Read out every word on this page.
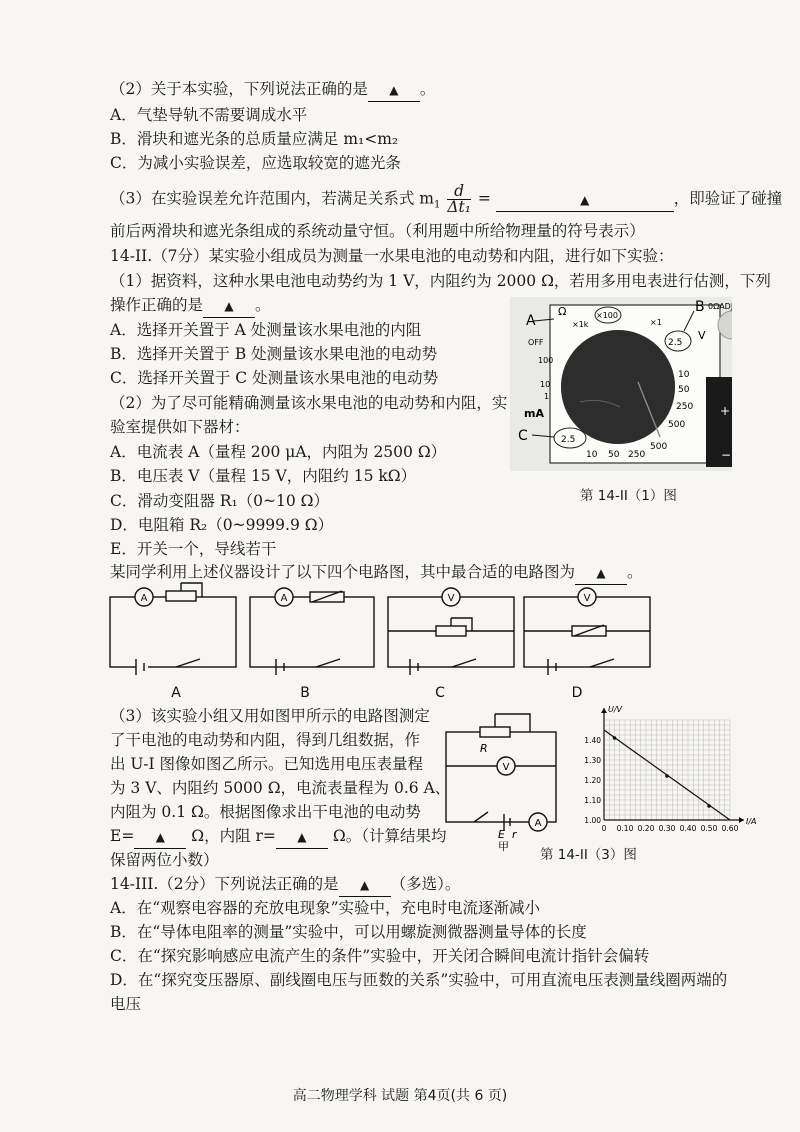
（2）关于本实验，下列说法正确的是 ▲ 。
A．气垫导轨不需要调成水平
B．滑块和遮光条的总质量应满足 m₁<m₂
C．为减小实验误差，应选取较宽的遮光条
（3）在实验误差允许范围内，若满足关系式 $m_1 \frac{d}{\text{Δt₁}}$ =	▲	，即验证了碰撞
前后两滑块和遮光条组成的系统动量守恒。（利用题中所给物理量的符号表示）
14-II.（7分）某实验小组成员为测量一水果电池的电动势和内阻，进行如下实验：
（1）据资料，这种水果电池电动势约为 1 V，内阻约为 2000 Ω，若用多用电表进行估测，下列
操作正确的是 ▲ 。
A．选择开关置于 A 处测量该水果电池的内阻
B．选择开关置于 B 处测量该水果电池的电动势
C．选择开关置于 C 处测量该水果电池的电动势
（2）为了尽可能精确测量该水果电池的电动势和内阻，实
验室提供如下器材：
A．电流表 A（量程 200 μA，内阻为 2500 Ω）
B．电压表 V（量程 15 V，内阻约 15 kΩ）
C．滑动变阻器 R₁（0~10 Ω）
D．电阻箱 R₂（0~9999.9 Ω）
E．开关一个，导线若干
某同学利用上述仪器设计了以下四个电路图，其中最合适的电路图为 ▲ 。
A
B
C
Ω
×1k
×100
×1
OFF
100
10
1
mA
2.5
10 50 250
500
V
0ΩADJ
+
−
2.5
10
50
250
500
第 14-II（1）图
A	A	V	V
A	B	C	D
（3）该实验小组又用如图甲所示的电路图测定
了干电池的电动势和内阻，得到几组数据，作
出 U-I 图像如图乙所示。已知选用电压表量程
为 3 V、内阻约 5000 Ω，电流表量程为 0.6 A、
内阻为 0.1 Ω。根据图像求出干电池的电动势
E= ▲ Ω，内阻 r= ▲ Ω。（计算结果均
保留两位小数）
V
A
R
E r
甲
0 0.10 0.20 0.30 0.40 0.50 0.60
1.00
1.10
1.20
1.30
1.40
I/A
U/V
第 14-II（3）图
14-III.（2分）下列说法正确的是 ▲ （多选）。
A．在“观察电容器的充放电现象”实验中，充电时电流逐渐减小
B．在“导体电阻率的测量”实验中，可以用螺旋测微器测量导体的长度
C．在“探究影响感应电流产生的条件”实验中，开关闭合瞬间电流计指针会偏转
D．在“探究变压器原、副线圈电压与匝数的关系”实验中，可用直流电压表测量线圈两端的
电压
高二物理学科 试题 第4页(共 6 页)
